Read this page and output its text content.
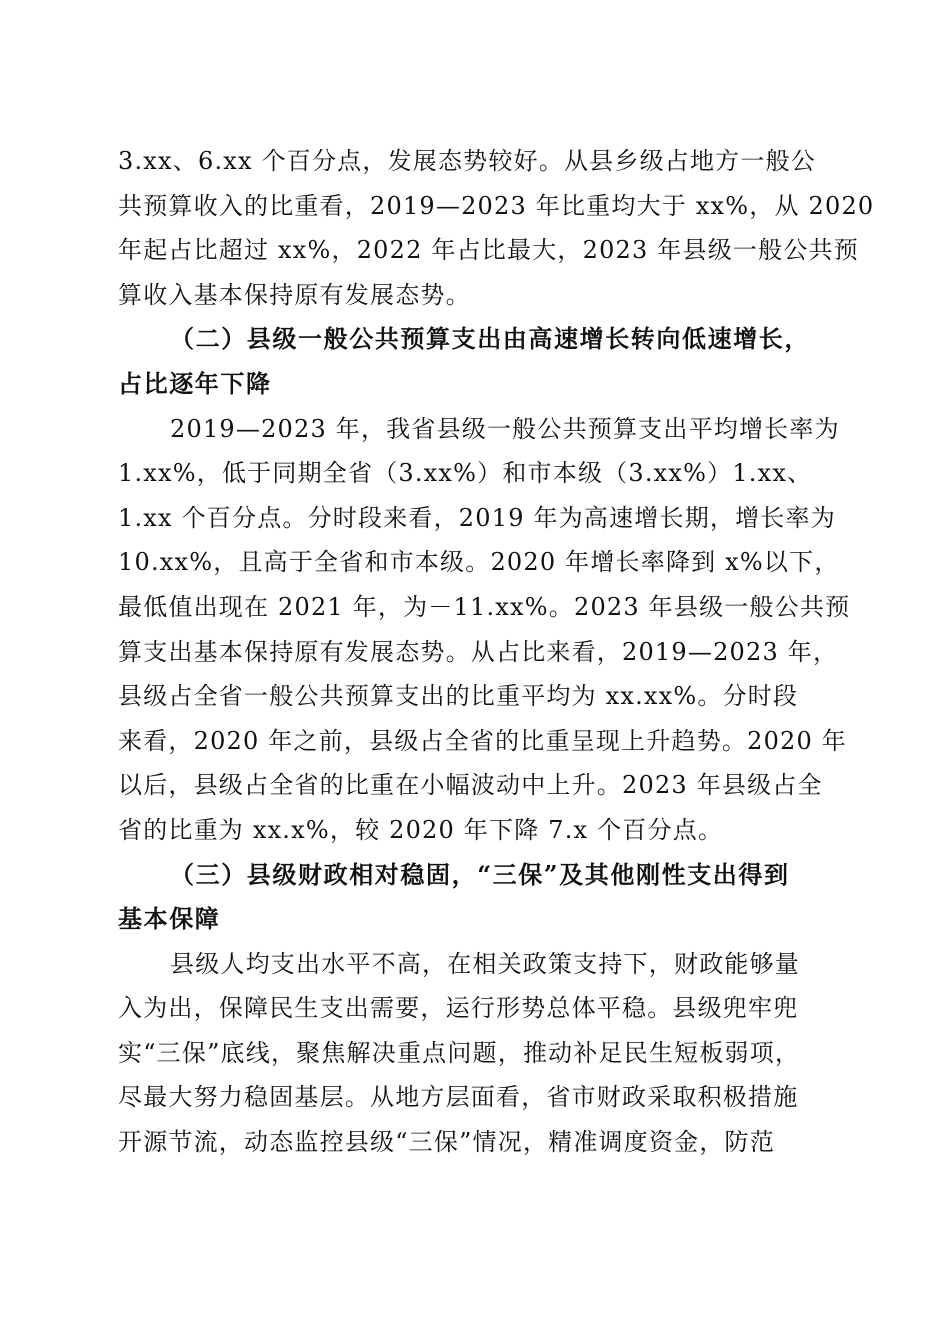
3.xx、6.xx 个百分点，发展态势较好。从县乡级占地方一般公
共预算收入的比重看，2019—2023 年比重均大于 xx%，从 2020
年起占比超过 xx%，2022 年占比最大，2023 年县级一般公共预
算收入基本保持原有发展态势。
（二）县级一般公共预算支出由高速增长转向低速增长，
占比逐年下降
2019—2023 年，我省县级一般公共预算支出平均增长率为
1.xx%，低于同期全省（3.xx%）和市本级（3.xx%）1.xx、
1.xx 个百分点。分时段来看，2019 年为高速增长期，增长率为
10.xx%，且高于全省和市本级。2020 年增长率降到 x%以下，
最低值出现在 2021 年，为－11.xx%。2023 年县级一般公共预
算支出基本保持原有发展态势。从占比来看，2019—2023 年，
县级占全省一般公共预算支出的比重平均为 xx.xx%。分时段
来看，2020 年之前，县级占全省的比重呈现上升趋势。2020 年
以后，县级占全省的比重在小幅波动中上升。2023 年县级占全
省的比重为 xx.x%，较 2020 年下降 7.x 个百分点。
（三）县级财政相对稳固，“三保”及其他刚性支出得到
基本保障
县级人均支出水平不高，在相关政策支持下，财政能够量
入为出，保障民生支出需要，运行形势总体平稳。县级兜牢兜
实“三保”底线，聚焦解决重点问题，推动补足民生短板弱项，
尽最大努力稳固基层。从地方层面看，省市财政采取积极措施
开源节流，动态监控县级“三保”情况，精准调度资金，防范
